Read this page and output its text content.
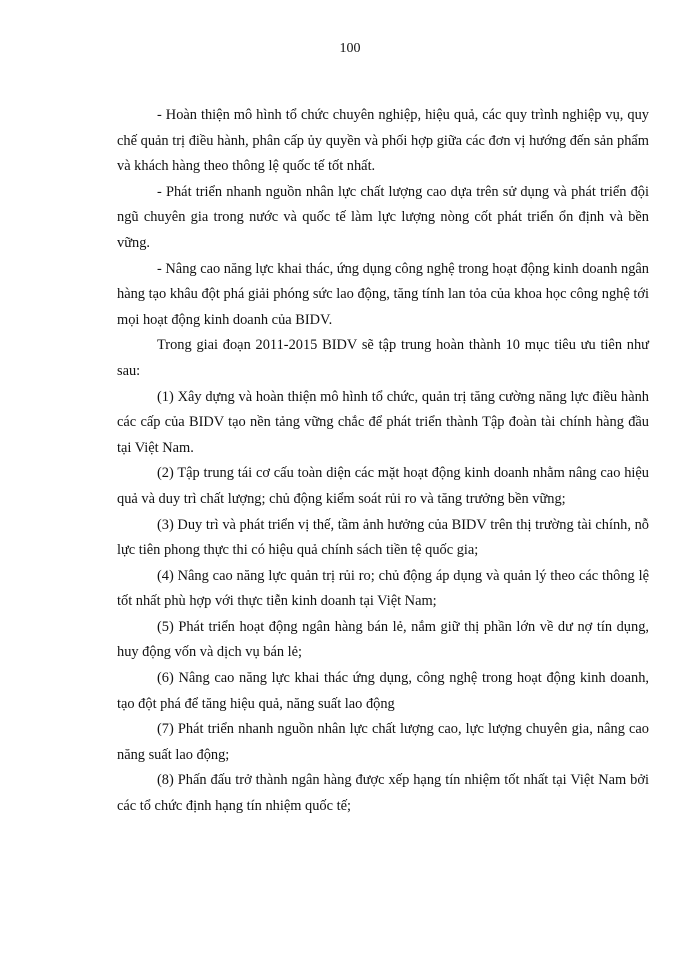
100

- Hoàn thiện mô hình tổ chức chuyên nghiệp, hiệu quả, các quy trình nghiệp vụ, quy chế quản trị điều hành, phân cấp ủy quyền và phối hợp giữa các đơn vị hướng đến sản phẩm và khách hàng theo thông lệ quốc tế tốt nhất.

- Phát triển nhanh nguồn nhân lực chất lượng cao dựa trên sử dụng và phát triển đội ngũ chuyên gia trong nước và quốc tế làm lực lượng nòng cốt phát triển ổn định và bền vững.

- Nâng cao năng lực khai thác, ứng dụng công nghệ trong hoạt động kinh doanh ngân hàng tạo khâu đột phá giải phóng sức lao động, tăng tính lan tỏa của khoa học công nghệ tới mọi hoạt động kinh doanh của BIDV.

Trong giai đoạn 2011-2015 BIDV sẽ tập trung hoàn thành 10 mục tiêu ưu tiên như sau:

(1) Xây dựng và hoàn thiện mô hình tổ chức, quản trị tăng cường năng lực điều hành các cấp của BIDV tạo nền tảng vững chắc để phát triển thành Tập đoàn tài chính hàng đầu tại Việt Nam.

(2) Tập trung tái cơ cấu toàn diện các mặt hoạt động kinh doanh nhằm nâng cao hiệu quả và duy trì chất lượng; chủ động kiểm soát rủi ro và tăng trưởng bền vững;

(3) Duy trì và phát triển vị thế, tầm ảnh hưởng của BIDV trên thị trường tài chính, nỗ lực tiên phong thực thi có hiệu quả chính sách tiền tệ quốc gia;

(4) Nâng cao năng lực quản trị rủi ro; chủ động áp dụng và quản lý theo các thông lệ tốt nhất phù hợp với thực tiễn kinh doanh tại Việt Nam;

(5) Phát triển hoạt động ngân hàng bán lẻ, nắm giữ thị phần lớn về dư nợ tín dụng, huy động vốn và dịch vụ bán lẻ;

(6) Nâng cao năng lực khai thác ứng dụng, công nghệ trong hoạt động kinh doanh, tạo đột phá để tăng hiệu quả, năng suất lao động

(7) Phát triển nhanh nguồn nhân lực chất lượng cao, lực lượng chuyên gia, nâng cao năng suất lao động;

(8) Phấn đấu trở thành ngân hàng được xếp hạng tín nhiệm tốt nhất tại Việt Nam bởi các tổ chức định hạng tín nhiệm quốc tế;
